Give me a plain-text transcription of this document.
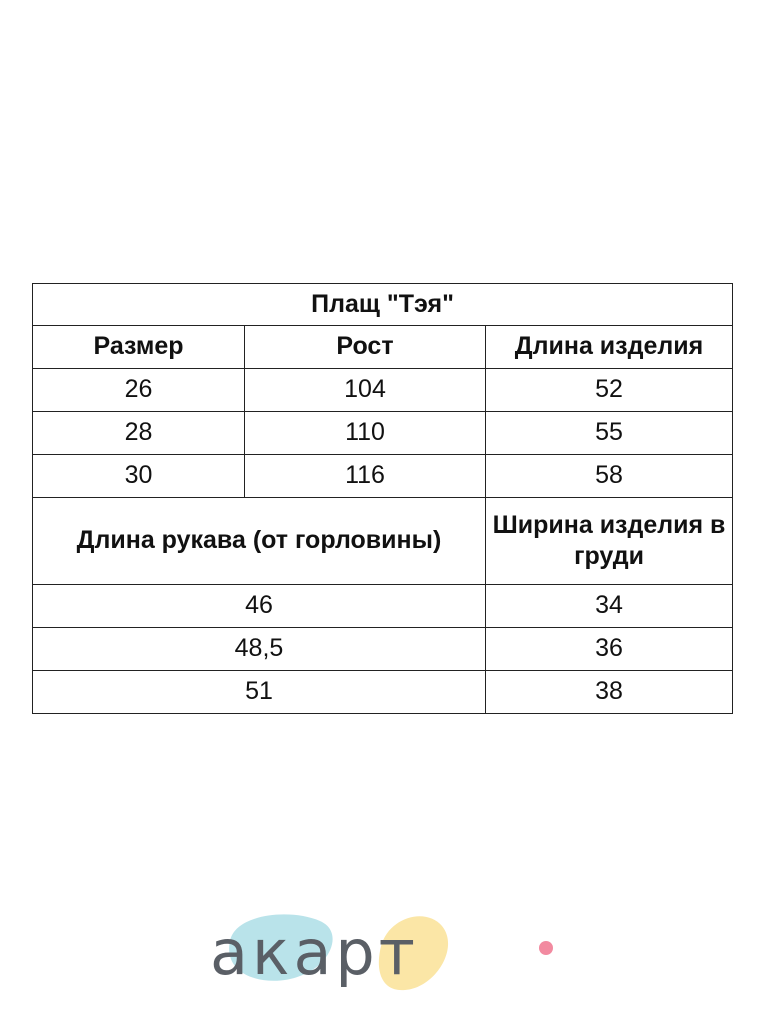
Плащ "Тэя"		
Размер	Рост	Длина изделия
26	104	52
28	110	55
30	116	58
Длина рукава (от горловины)		Ширина изделия в груди
46		34
48,5		36
51		38
акарт
